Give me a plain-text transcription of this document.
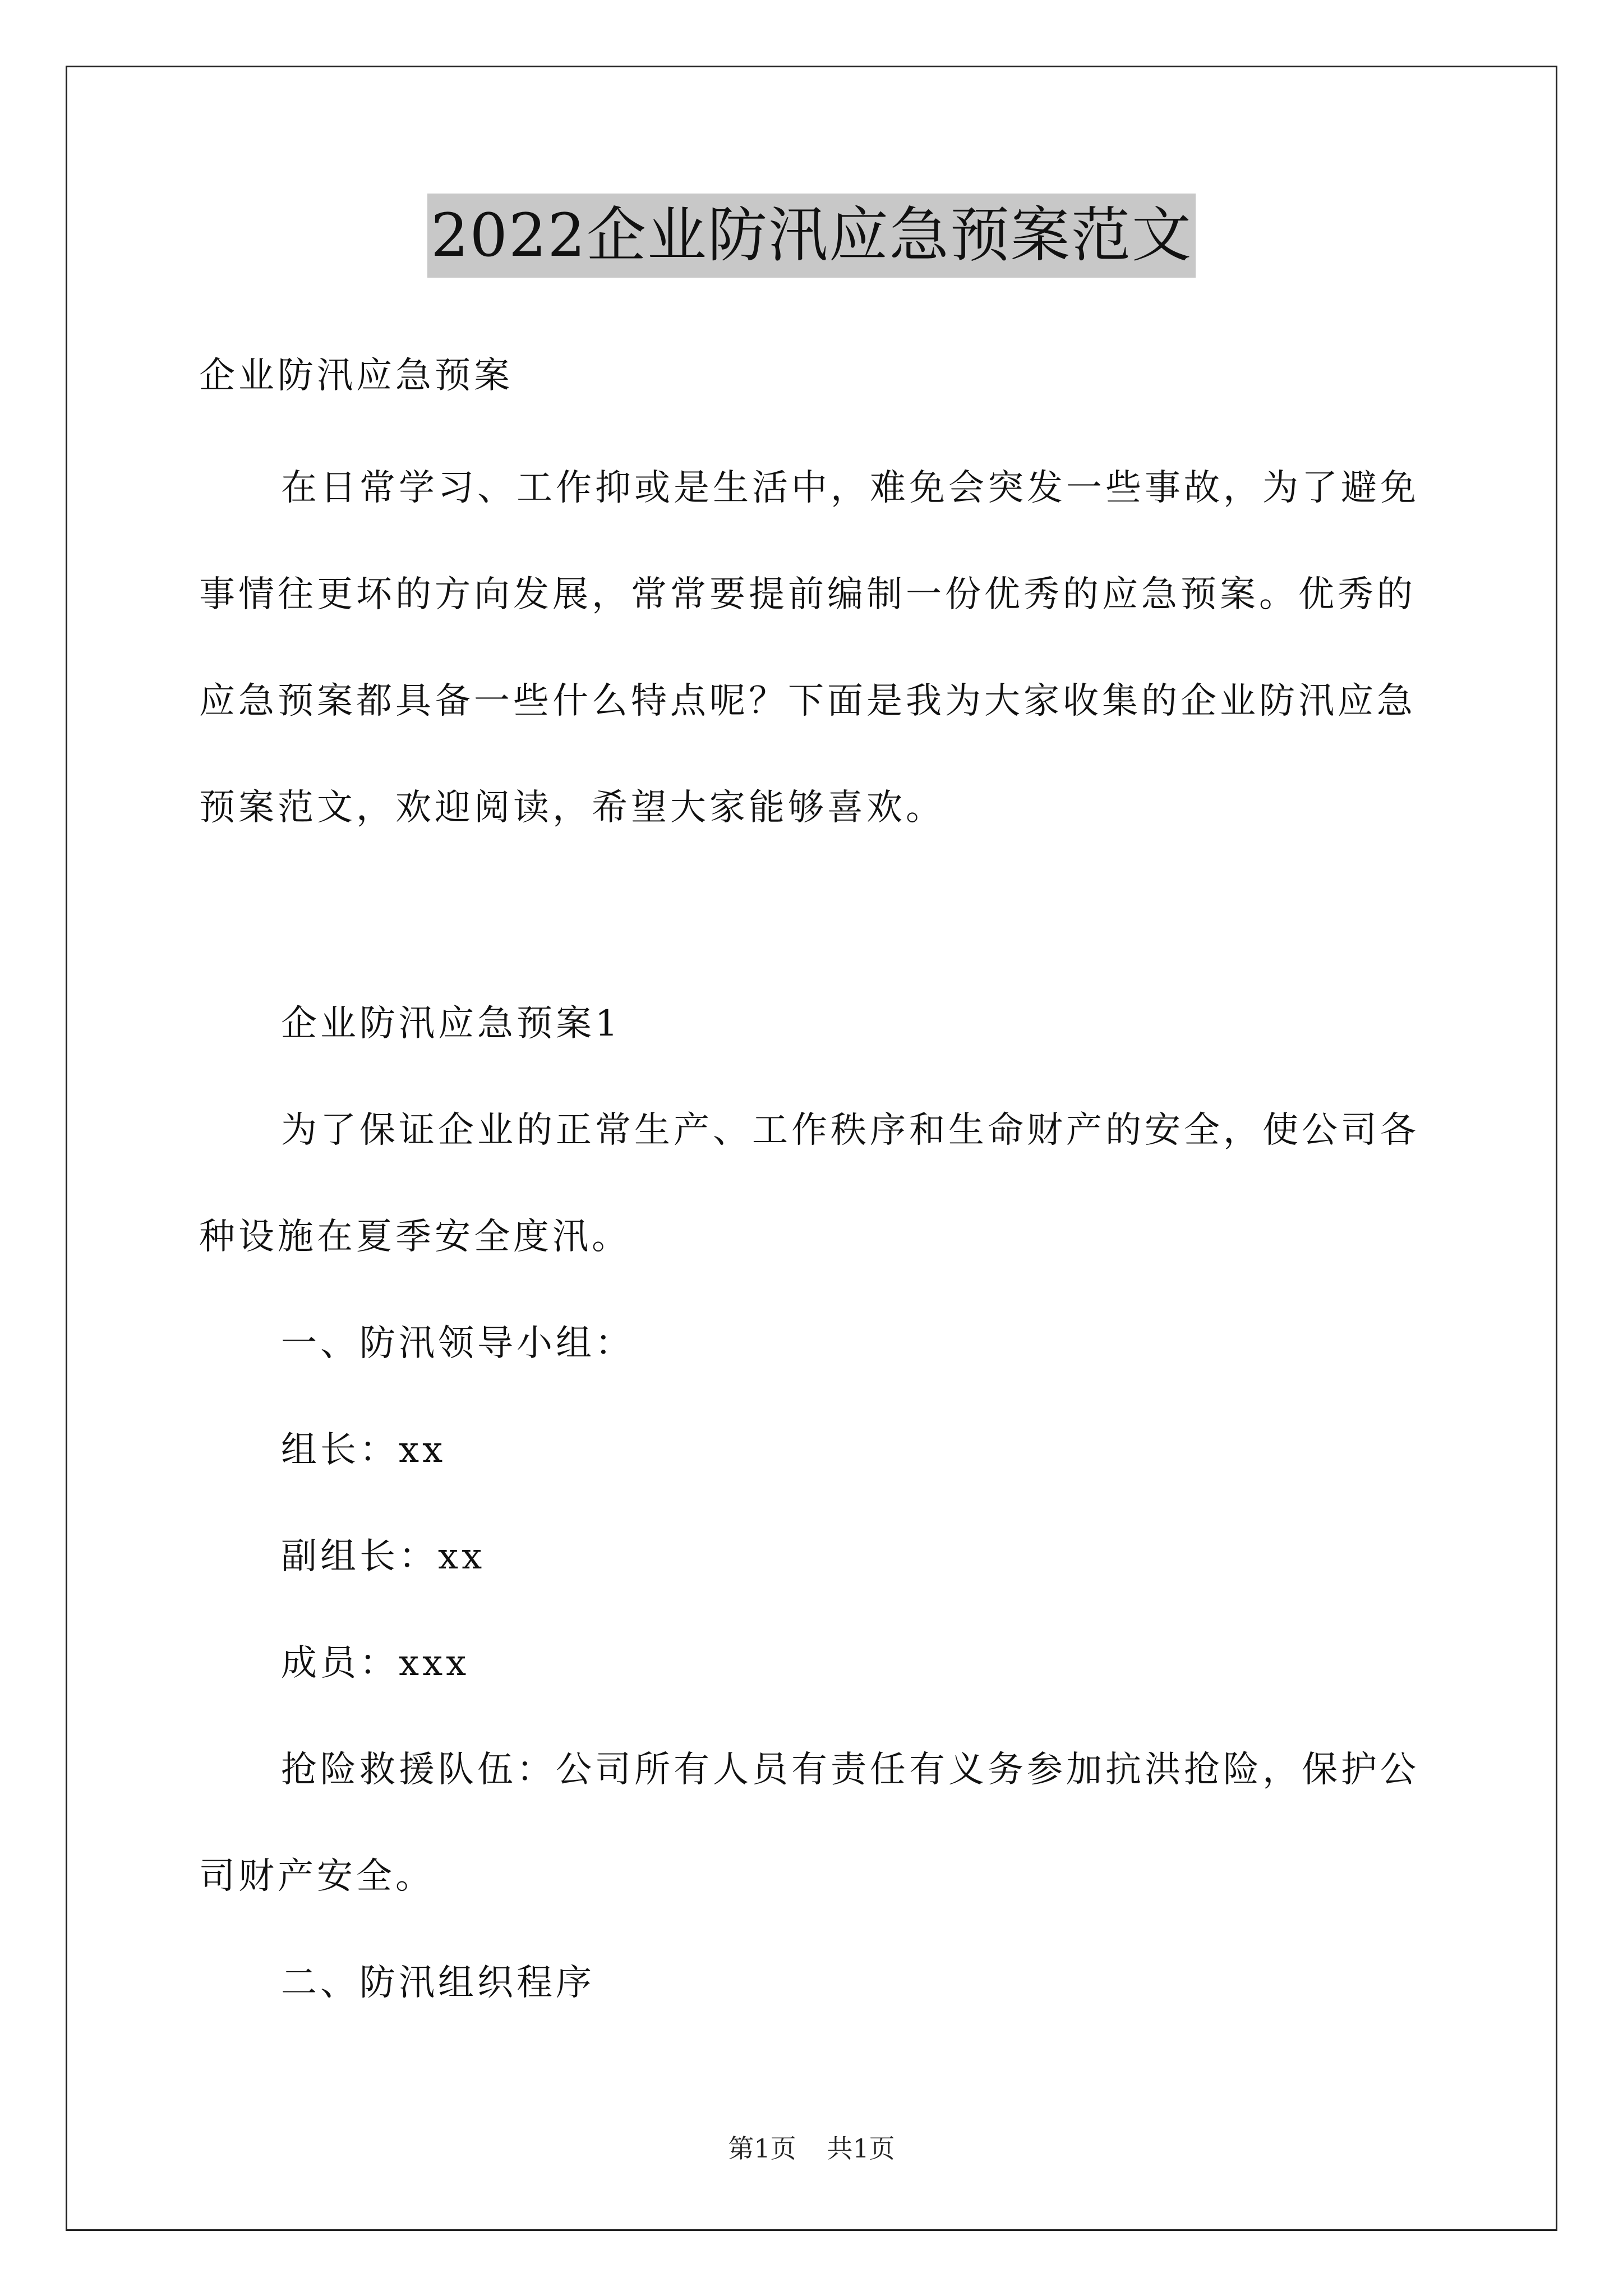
2022企业防汛应急预案范文

企业防汛应急预案

在日常学习、工作抑或是生活中，难免会突发一些事故，为了避免事情往更坏的方向发展，常常要提前编制一份优秀的应急预案。优秀的应急预案都具备一些什么特点呢？下面是我为大家收集的企业防汛应急预案范文，欢迎阅读，希望大家能够喜欢。

企业防汛应急预案1

为了保证企业的正常生产、工作秩序和生命财产的安全，使公司各种设施在夏季安全度汛。

一、防汛领导小组：

组长：xx

副组长：xx

成员：xxx

抢险救援队伍：公司所有人员有责任有义务参加抗洪抢险，保护公司财产安全。

二、防汛组织程序

第1页 共1页
